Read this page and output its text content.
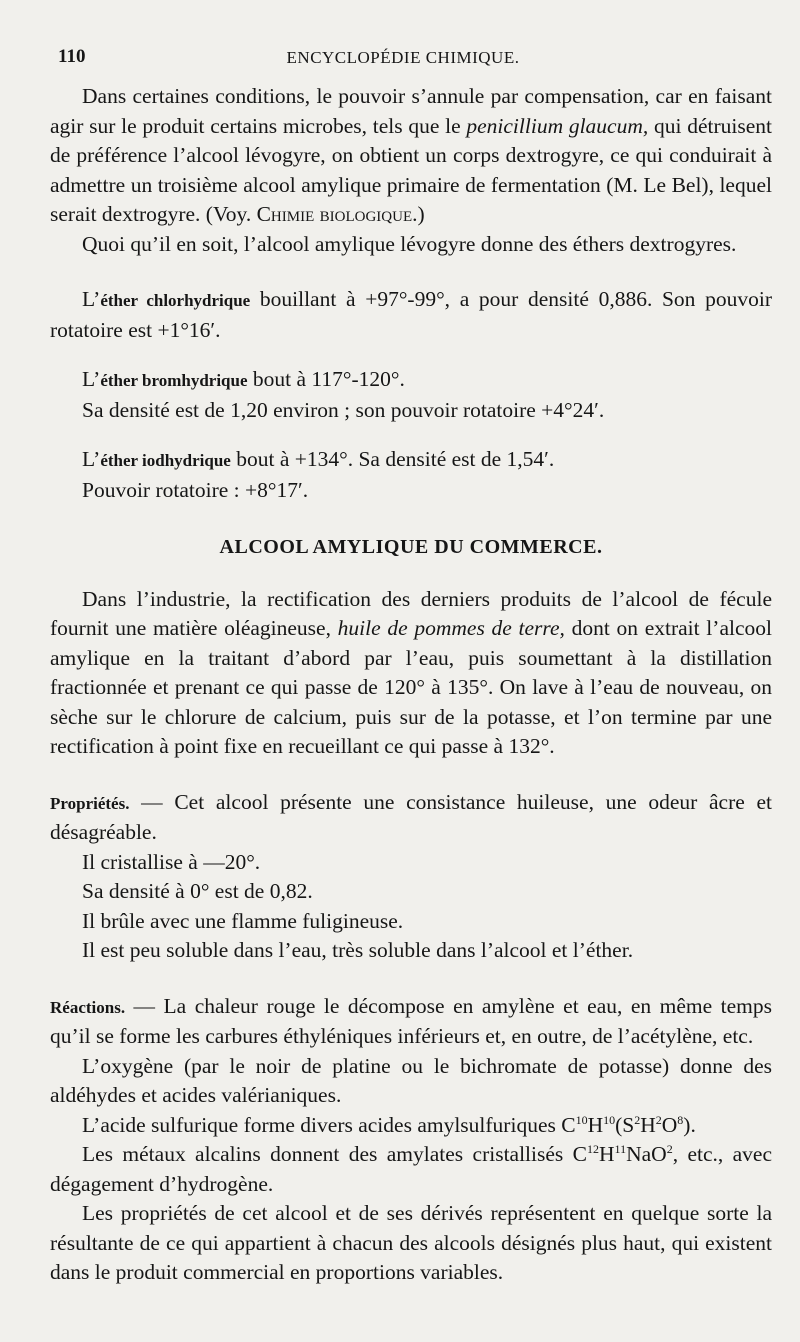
110	ENCYCLOPÉDIE CHIMIQUE.

Dans certaines conditions, le pouvoir s’annule par compensation, car en faisant agir sur le produit certains microbes, tels que le penicillium glaucum, qui détruisent de préférence l’alcool lévogyre, on obtient un corps dextrogyre, ce qui conduirait à admettre un troisième alcool amylique primaire de fermentation (M. Le Bel), lequel serait dextrogyre. (Voy. Chimie biologique.)

Quoi qu’il en soit, l’alcool amylique lévogyre donne des éthers dextrogyres.

L’éther chlorhydrique bouillant à +97°-99°, a pour densité 0,886. Son pouvoir rotatoire est +1°16′.

L’éther bromhydrique bout à 117°-120°.

Sa densité est de 1,20 environ ; son pouvoir rotatoire +4°24′.

L’éther iodhydrique bout à +134°. Sa densité est de 1,54′.

Pouvoir rotatoire : +8°17′.

ALCOOL AMYLIQUE DU COMMERCE.

Dans l’industrie, la rectification des derniers produits de l’alcool de fécule fournit une matière oléagineuse, huile de pommes de terre, dont on extrait l’alcool amylique en la traitant d’abord par l’eau, puis soumettant à la distillation fractionnée et prenant ce qui passe de 120° à 135°. On lave à l’eau de nouveau, on sèche sur le chlorure de calcium, puis sur de la potasse, et l’on termine par une rectification à point fixe en recueillant ce qui passe à 132°.

Propriétés. — Cet alcool présente une consistance huileuse, une odeur âcre et désagréable.

Il cristallise à —20°.

Sa densité à 0° est de 0,82.

Il brûle avec une flamme fuligineuse.

Il est peu soluble dans l’eau, très soluble dans l’alcool et l’éther.

Réactions. — La chaleur rouge le décompose en amylène et eau, en même temps qu’il se forme les carbures éthyléniques inférieurs et, en outre, de l’acétylène, etc.

L’oxygène (par le noir de platine ou le bichromate de potasse) donne des aldéhydes et acides valérianiques.

L’acide sulfurique forme divers acides amylsulfuriques $C^{10}H^{10}(S^2H^2O^8)$.

Les métaux alcalins donnent des amylates cristallisés $C^{12}H^{11}NaO^2$, etc., avec dégagement d’hydrogène.

Les propriétés de cet alcool et de ses dérivés représentent en quelque sorte la résultante de ce qui appartient à chacun des alcools désignés plus haut, qui existent dans le produit commercial en proportions variables.
